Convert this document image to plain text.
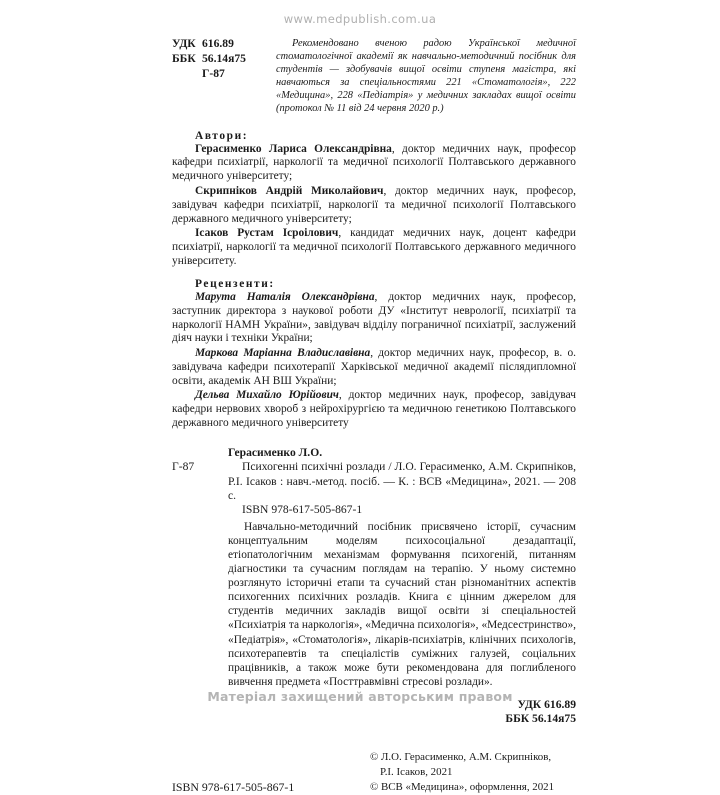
www.medpublish.com.ua
УДК 616.89
ББК 56.14я75
Г-87
Рекомендовано вченою радою Української медичної стоматологічної академії як навчально-методичний посібник для студентів — здобувачів вищої освіти ступеня магістра, які навчаються за спеціальностями 221 «Стоматологія», 222 «Медицина», 228 «Педіатрія» у медичних закладах вищої освіти (протокол № 11 від 24 червня 2020 р.)
Автори:

Герасименко Лариса Олександрівна, доктор медичних наук, професор кафедри психіатрії, наркології та медичної психології Полтавського державного медичного університету;

Скрипніков Андрій Миколайович, доктор медичних наук, професор, завідувач кафедри психіатрії, наркології та медичної психології Полтавського державного медичного університету;

Ісаков Рустам Ісроілович, кандидат медичних наук, доцент кафедри психіатрії, наркології та медичної психології Полтавського державного медичного університету.

Рецензенти:

Марута Наталія Олександрівна, доктор медичних наук, професор, заступник директора з наукової роботи ДУ «Інститут неврології, психіатрії та наркології НАМН України», завідувач відділу пограничної психіатрії, заслужений діяч науки і техніки України;

Маркова Маріанна Владиславівна, доктор медичних наук, професор, в. о. завідувача кафедри психотерапії Харківської медичної академії післядипломної освіти, академік АН ВШ України;

Дельва Михайло Юрійович, доктор медичних наук, професор, завідувач кафедри нервових хвороб з нейрохірургією та медичною генетикою Полтавського державного медичного університету

Г-87
Герасименко Л.О.

Психогенні психічні розлади / Л.О. Герасименко, А.М. Скрипніков, Р.І. Ісаков : навч.-метод. посіб. — К. : ВСВ «Медицина», 2021. — 208 с.

ISBN 978-617-505-867-1

Навчально-методичний посібник присвячено історії, сучасним концептуальним моделям психосоціальної дезадаптації, етіопатологічним механізмам формування психогеній, питанням діагностики та сучасним поглядам на терапію. У ньому системно розглянуто історичні етапи та сучасний стан різноманітних аспектів психогенних психічних розладів. Книга є цінним джерелом для студентів медичних закладів вищої освіти зі спеціальностей «Психіатрія та наркологія», «Медична психологія», «Медсестринство», «Педіатрія», «Стоматологія», лікарів-психіатрів, клінічних психологів, психотерапевтів та спеціалістів суміжних галузей, соціальних працівників, а також може бути рекомендована для поглибленого вивчення предмета «Посттравмівні стресові розлади».
УДК 616.89
ББК 56.14я75
ISBN 978-617-505-867-1

© Л.О. Герасименко, А.М. Скрипніков,

Р.І. Ісаков, 2021

© ВСВ «Медицина», оформлення, 2021

Матеріал захищений авторським правом
